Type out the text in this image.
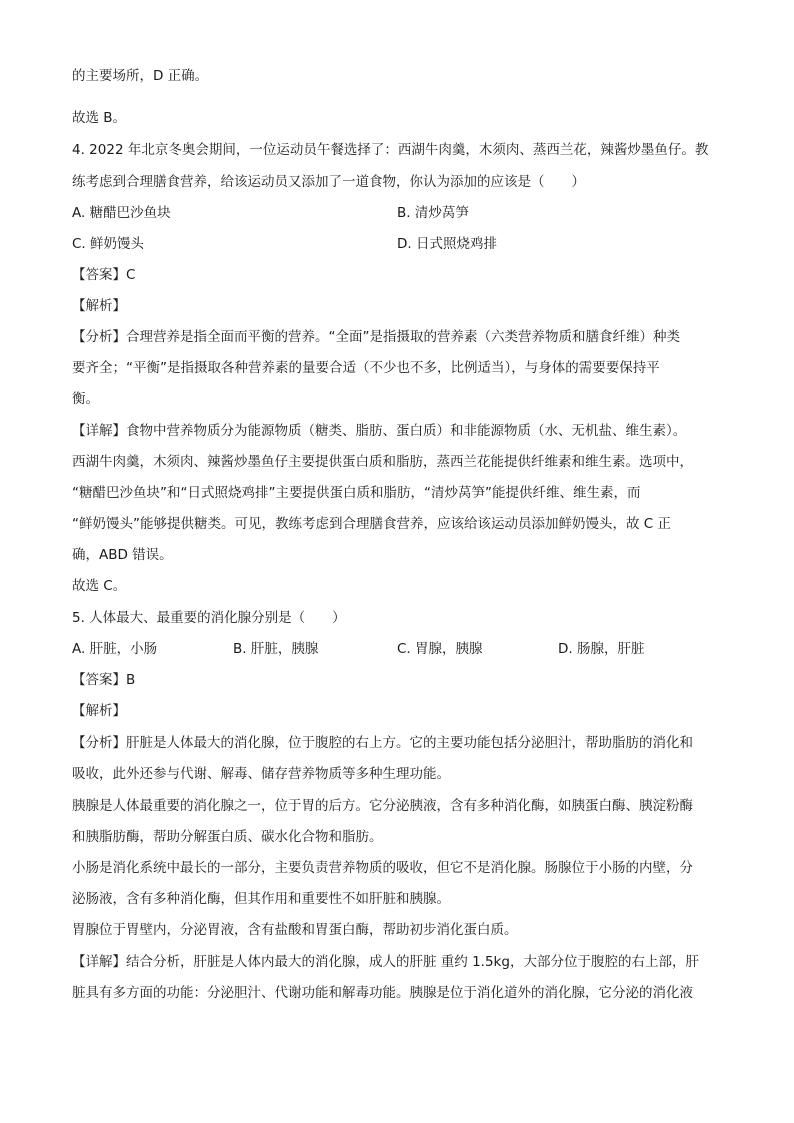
的主要场所，D 正确。
故选 B。
4. 2022 年北京冬奥会期间，一位运动员午餐选择了：西湖牛肉羹，木须肉、蒸西兰花，辣酱炒墨鱼仔。教
练考虑到合理膳食营养，给该运动员又添加了一道食物，你认为添加的应该是（　　）
A. 糖醋巴沙鱼块	B. 清炒莴笋
C. 鲜奶馒头	D. 日式照烧鸡排
【答案】C
【解析】
【分析】合理营养是指全面而平衡的营养。“全面”是指摄取的营养素（六类营养物质和膳食纤维）种类
要齐全；“平衡”是指摄取各种营养素的量要合适（不少也不多，比例适当），与身体的需要要保持平
衡。
【详解】食物中营养物质分为能源物质（糖类、脂肪、蛋白质）和非能源物质（水、无机盐、维生素）。
西湖牛肉羹，木须肉、辣酱炒墨鱼仔主要提供蛋白质和脂肪，蒸西兰花能提供纤维素和维生素。选项中，
“糖醋巴沙鱼块”和“日式照烧鸡排”主要提供蛋白质和脂肪，“清炒莴笋”能提供纤维、维生素，而
“鲜奶馒头”能够提供糖类。可见，教练考虑到合理膳食营养，应该给该运动员添加鲜奶馒头，故 C 正
确，ABD 错误。
故选 C。
5. 人体最大、最重要的消化腺分别是（　　）
A. 肝脏，小肠	B. 肝脏，胰腺	C. 胃腺，胰腺	D. 肠腺，肝脏
【答案】B
【解析】
【分析】肝脏是人体最大的消化腺，位于腹腔的右上方。它的主要功能包括分泌胆汁，帮助脂肪的消化和
吸收，此外还参与代谢、解毒、储存营养物质等多种生理功能。
胰腺是人体最重要的消化腺之一，位于胃的后方。它分泌胰液，含有多种消化酶，如胰蛋白酶、胰淀粉酶
和胰脂肪酶，帮助分解蛋白质、碳水化合物和脂肪。
小肠是消化系统中最长的一部分，主要负责营养物质的吸收，但它不是消化腺。肠腺位于小肠的内壁，分
泌肠液，含有多种消化酶，但其作用和重要性不如肝脏和胰腺。
胃腺位于胃壁内，分泌胃液，含有盐酸和胃蛋白酶，帮助初步消化蛋白质。
【详解】结合分析，肝脏是人体内最大的消化腺，成人的肝脏 重约 1.5kg，大部分位于腹腔的右上部，肝
脏具有多方面的功能：分泌胆汁、代谢功能和解毒功能。胰腺是位于消化道外的消化腺，它分泌的消化液
